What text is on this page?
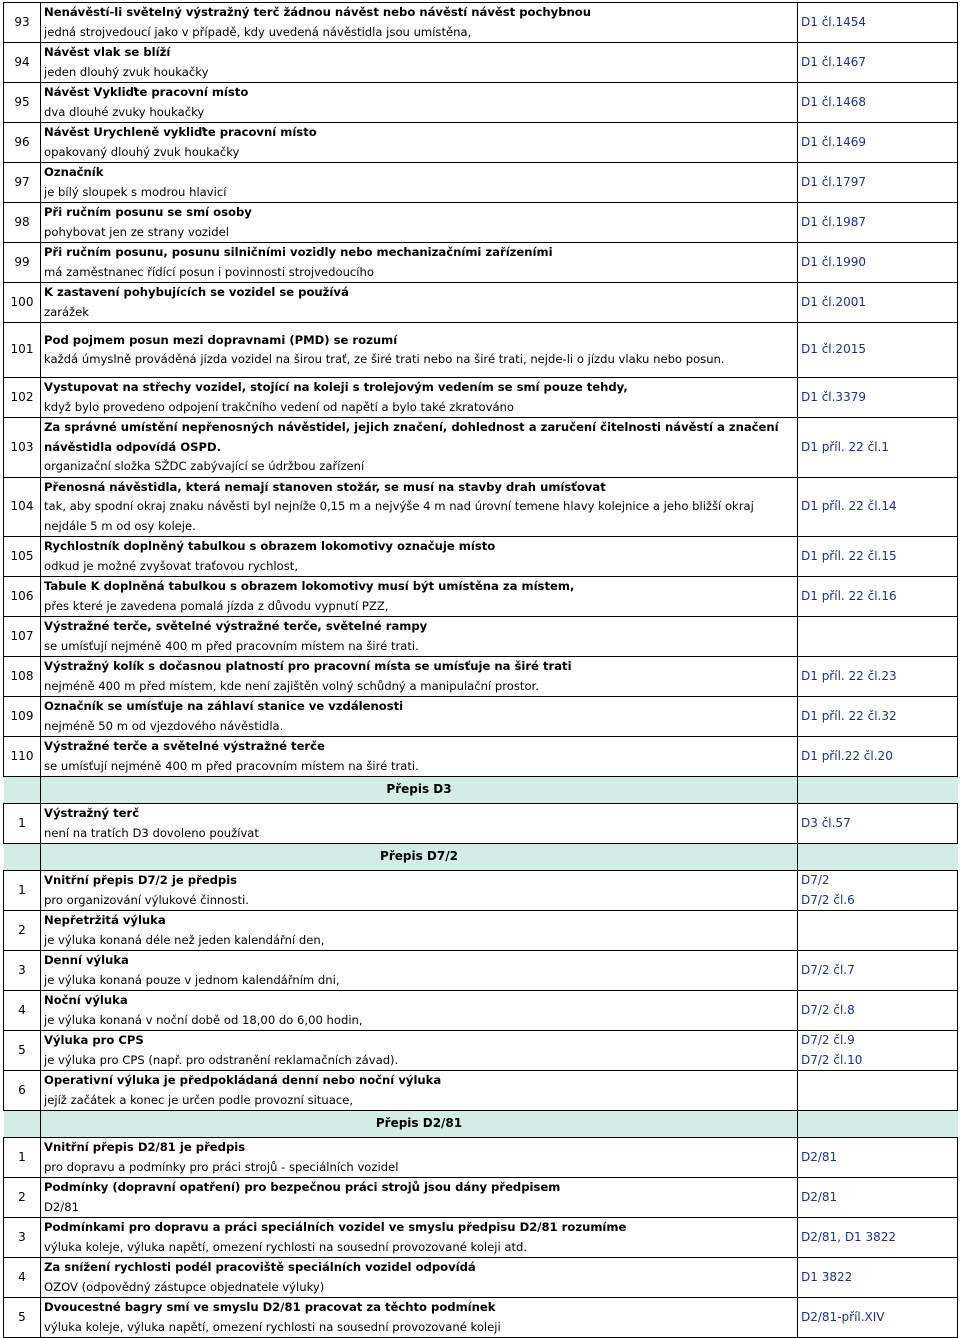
93	Nenávěstí-li světelný výstražný terč žádnou návěst nebo návěstí návěst pochybnou
jedná strojvedoucí jako v případě, kdy uvedená návěstidla jsou umístěna,	D1 čl.1454

94	Návěst vlak se blíží
jeden dlouhý zvuk houkačky	D1 čl.1467

95	Návěst Vykliďte pracovní místo
dva dlouhé zvuky houkačky	D1 čl.1468

96	Návěst Urychleně vykliďte pracovní místo
opakovaný dlouhý zvuk houkačky	D1 čl.1469

97	Označník
je bílý sloupek s modrou hlavicí	D1 čl.1797

98	Při ručním posunu se smí osoby
pohybovat jen ze strany vozidel	D1 čl.1987

99	Při ručním posunu, posunu silničními vozidly nebo mechanizačními zařízeními
má zaměstnanec řídící posun i povinnosti strojvedoucího	D1 čl.1990

100	K zastavení pohybujících se vozidel se používá
zarážek	D1 čl.2001

101	Pod pojmem posun mezi dopravnami (PMD) se rozumí
každá úmyslně prováděná jízda vozidel na širou trať, ze širé trati nebo na širé trati, nejde-li o jízdu vlaku nebo posun.	D1 čl.2015

102	Vystupovat na střechy vozidel, stojící na koleji s trolejovým vedením se smí pouze tehdy,
když bylo provedeno odpojení trakčního vedení od napětí a bylo také zkratováno	D1 čl.3379

103	Za správné umístění nepřenosných návěstidel, jejich značení, dohlednost a zaručení čitelnosti návěstí a značení návěstidla odpovídá OSPD.
organizační složka SŽDC zabývající se údržbou zařízení	D1 příl. 22 čl.1

104	Přenosná návěstidla, která nemají stanoven stožár, se musí na stavby drah umísťovat
tak, aby spodní okraj znaku návěsti byl nejníže 0,15 m a nejvýše 4 m nad úrovní temene hlavy kolejnice a jeho bližší okraj nejdále 5 m od osy koleje.	D1 příl. 22 čl.14

105	Rychlostník doplněný tabulkou s obrazem lokomotivy označuje místo
odkud je možné zvyšovat traťovou rychlost,	D1 příl. 22 čl.15

106	Tabule K doplněná tabulkou s obrazem lokomotivy musí být umístěna za místem,
přes které je zavedena pomalá jízda z důvodu vypnutí PZZ,	D1 příl. 22 čl.16

107	Výstražné terče, světelné výstražné terče, světelné rampy
se umísťují nejméně 400 m před pracovním místem na širé trati.	

108	Výstražný kolík s dočasnou platností pro pracovní místa se umísťuje na širé trati
nejméně 400 m před místem, kde není zajištěn volný schůdný a manipulační prostor.	D1 příl. 22 čl.23

109	Označník se umísťuje na záhlaví stanice ve vzdálenosti
nejméně 50 m od vjezdového návěstidla.	D1 příl. 22 čl.32

110	Výstražné terče a světelné výstražné terče
se umísťují nejméně 400 m před pracovním místem na širé trati.	D1 příl.22 čl.20

	Přepis D3	
1	Výstražný terč
není na tratích D3 dovoleno používat	D3 čl.57

	Přepis D7/2	
1	Vnitřní přepis D7/2 je předpis
pro organizování výlukové činnosti.	D7/2
D7/2 čl.6

2	Nepřetržitá výluka
je výluka konaná déle než jeden kalendářní den,	

3	Denní výluka
je výluka konaná pouze v jednom kalendářním dni,	D7/2 čl.7

4	Noční výluka
je výluka konaná v noční době od 18,00 do 6,00 hodin,	D7/2 čl.8

5	Výluka pro CPS
je výluka pro CPS (např. pro odstranění reklamačních závad).	D7/2 čl.9
D7/2 čl.10

6	Operativní výluka je předpokládaná denní nebo noční výluka
jejíž začátek a konec je určen podle provozní situace,	

	Přepis D2/81	
1	Vnitřní přepis D2/81 je předpis
pro dopravu a podmínky pro práci strojů - speciálních vozidel	D2/81

2	Podmínky (dopravní opatření) pro bezpečnou práci strojů jsou dány předpisem
D2/81	D2/81

3	Podmínkami pro dopravu a práci speciálních vozidel ve smyslu předpisu D2/81 rozumíme
výluka koleje, výluka napětí, omezení rychlosti na sousední provozované koleji atd.	D2/81, D1 3822

4	Za snížení rychlosti podél pracoviště speciálních vozidel odpovídá
OZOV (odpovědný zástupce objednatele výluky)	D1 3822

5	Dvoucestné bagry smí ve smyslu D2/81 pracovat za těchto podmínek
výluka koleje, výluka napětí, omezení rychlosti na sousední provozované koleji	D2/81-příl.XIV
